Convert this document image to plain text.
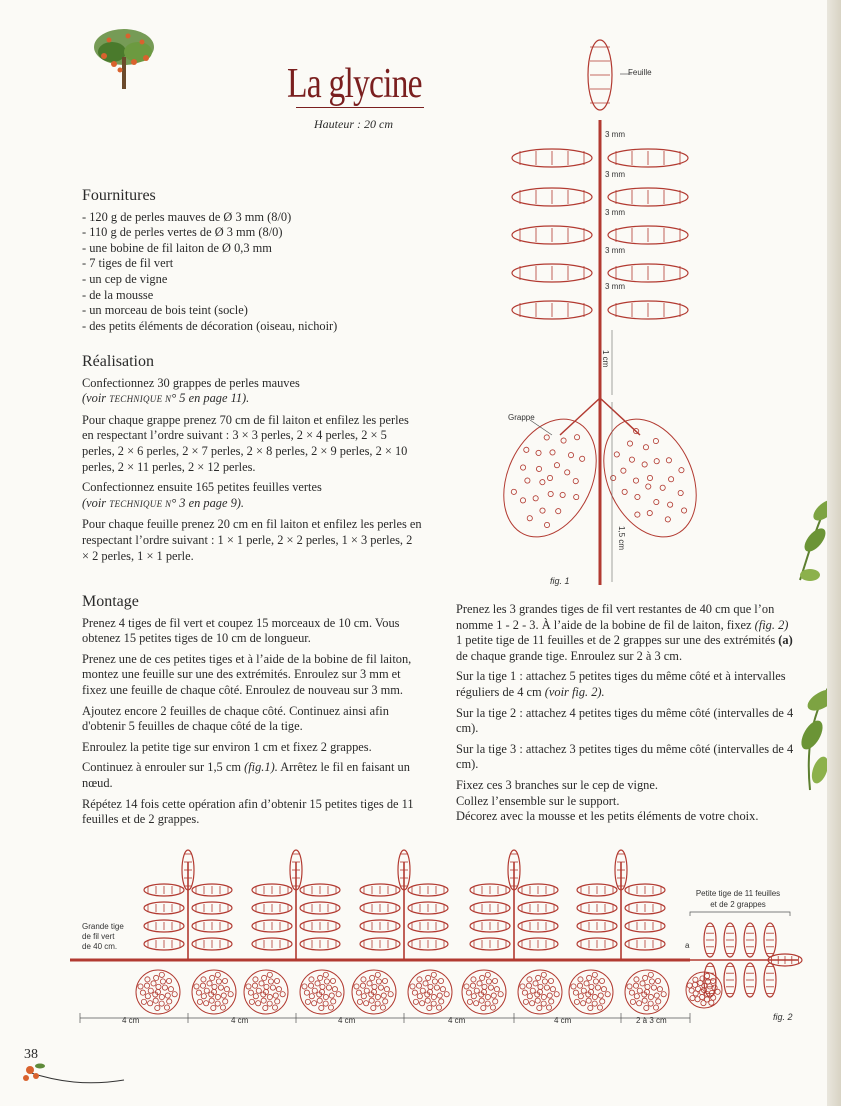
La glycine
Hauteur : 20 cm
Fournitures
- 120 g de perles mauves de Ø 3 mm (8/0)
- 110 g de perles vertes de Ø 3 mm (8/0)
- une bobine de fil laiton de Ø 0,3 mm
- 7 tiges de fil vert
- un cep de vigne
- de la mousse
- un morceau de bois teint (socle)
- des petits éléments de décoration (oiseau, nichoir)
Réalisation

Confectionnez 30 grappes de perles mauves
(voir TECHNIQUE N° 5 en page 11).

Pour chaque grappe prenez 70 cm de fil laiton et enfilez les perles en respectant l’ordre suivant : 3 × 3 perles, 2 × 4 perles, 2 × 5 perles, 2 × 6 perles, 2 × 7 perles, 2 × 8 perles, 2 × 9 perles, 2 × 10 perles, 2 × 11 perles, 2 × 12 perles.

Confectionnez ensuite 165 petites feuilles vertes
(voir TECHNIQUE N° 3 en page 9).

Pour chaque feuille prenez 20 cm en fil laiton et enfilez les perles en respectant l’ordre suivant : 1 × 1 perle, 2 × 2 perles, 1 × 3 perles, 2 × 2 perles, 1 × 1 perle.

Montage

Prenez 4 tiges de fil vert et coupez 15 morceaux de 10 cm. Vous obtenez 15 petites tiges de 10 cm de longueur.

Prenez une de ces petites tiges et à l’aide de la bobine de fil laiton, montez une feuille sur une des extrémités. Enroulez sur 3 mm et fixez une feuille de chaque côté. Enroulez de nouveau sur 3 mm.

Ajoutez encore 2 feuilles de chaque côté. Continuez ainsi afin d'obtenir 5 feuilles de chaque côté de la tige.

Enroulez la petite tige sur environ 1 cm et fixez 2 grappes.

Continuez à enrouler sur 1,5 cm (fig.1). Arrêtez le fil en faisant un nœud.

Répétez 14 fois cette opération afin d’obtenir 15 petites tiges de 11 feuilles et de 2 grappes.

Prenez les 3 grandes tiges de fil vert restantes de 40 cm que l’on nomme 1 - 2 - 3. À l’aide de la bobine de fil de laiton, fixez (fig. 2) 1 petite tige de 11 feuilles et de 2 grappes sur une des extrémités (a) de chaque grande tige. Enroulez sur 2 à 3 cm.

Sur la tige 1 : attachez 5 petites tiges du même côté et à intervalles réguliers de 4 cm (voir fig. 2).

Sur la tige 2 : attachez 4 petites tiges du même côté (intervalles de 4 cm).

Sur la tige 3 : attachez 3 petites tiges du même côté (intervalles de 4 cm).

Fixez ces 3 branches sur le cep de vigne.
Collez l’ensemble sur le support.
Décorez avec la mousse et les petits éléments de votre choix.

Feuille
Grappe
3 mm
3 mm
3 mm
3 mm
3 mm
1 cm
1,5 cm
fig. 1
Grande tige
de fil vert
de 40 cm.
Petite tige de 11 feuilles
et de 2 grappes
a
4 cm	4 cm	4 cm	4 cm	4 cm	2 à 3 cm	fig. 2
38
